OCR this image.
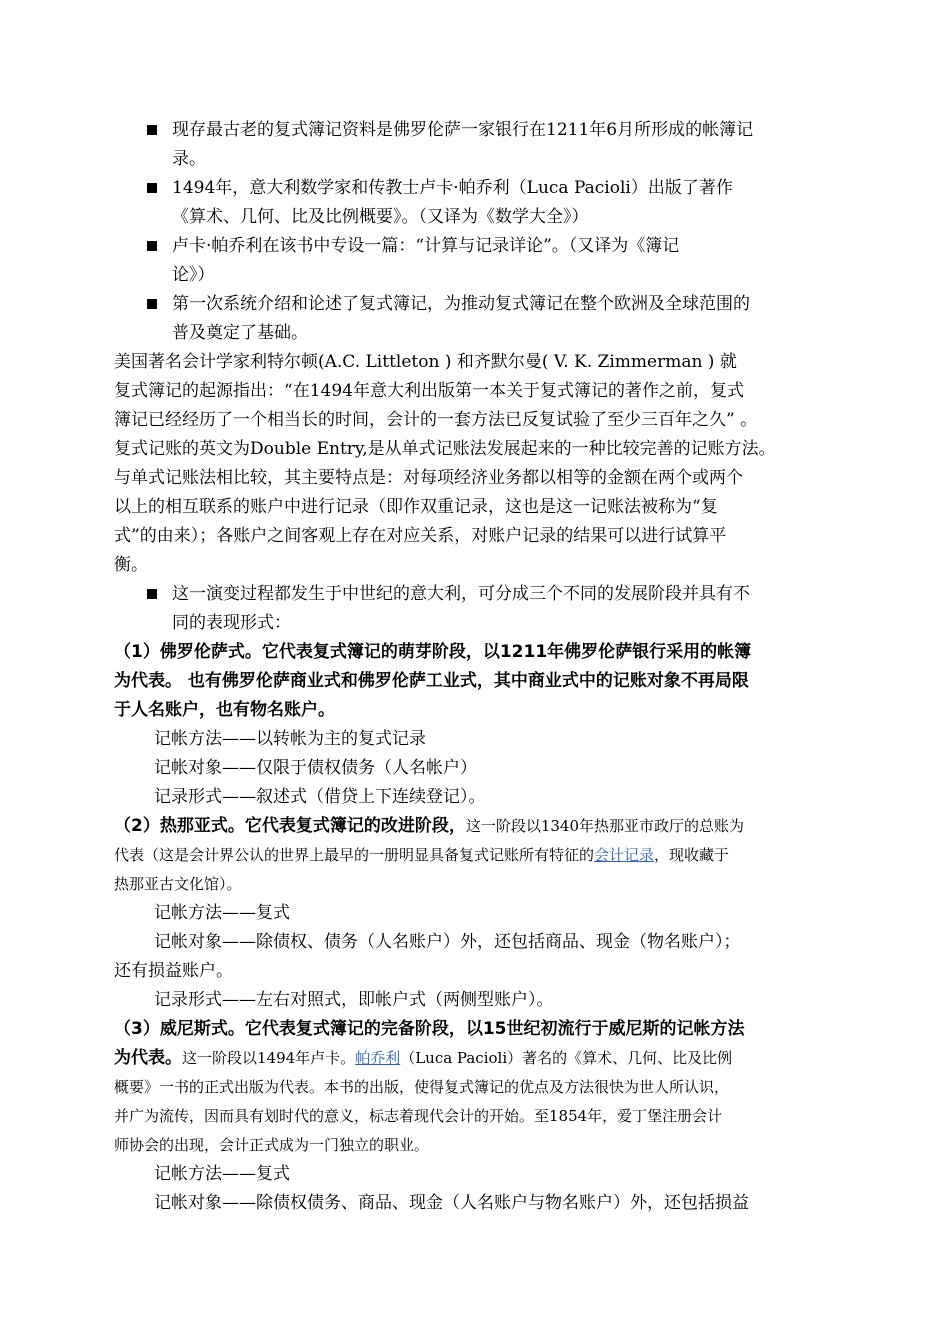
现存最古老的复式簿记资料是佛罗伦萨一家银行在1211年6月所形成的帐簿记
录。
1494年，意大利数学家和传教士卢卡·帕乔利（Luca Pacioli）出版了著作
《算术、几何、比及比例概要》。（又译为《数学大全》）
卢卡·帕乔利在该书中专设一篇：“计算与记录详论”。（又译为《簿记
论》）
第一次系统介绍和论述了复式簿记，为推动复式簿记在整个欧洲及全球范围的
普及奠定了基础。
美国著名会计学家利特尔顿(A.C. Littleton ) 和齐默尔曼( V. K. Zimmerman ) 就
复式簿记的起源指出：“在1494年意大利出版第一本关于复式簿记的著作之前，复式
簿记已经经历了一个相当长的时间，会计的一套方法已反复试验了至少三百年之久” 。
复式记账的英文为Double Entry,是从单式记账法发展起来的一种比较完善的记账方法。
与单式记账法相比较，其主要特点是：对每项经济业务都以相等的金额在两个或两个
以上的相互联系的账户中进行记录（即作双重记录，这也是这一记账法被称为“复
式”的由来）；各账户之间客观上存在对应关系，对账户记录的结果可以进行试算平
衡。
这一演变过程都发生于中世纪的意大利，可分成三个不同的发展阶段并具有不
同的表现形式：
（1）佛罗伦萨式。它代表复式簿记的萌芽阶段，以1211年佛罗伦萨银行采用的帐簿
为代表。 也有佛罗伦萨商业式和佛罗伦萨工业式，其中商业式中的记账对象不再局限
于人名账户，也有物名账户。
记帐方法——以转帐为主的复式记录
记帐对象——仅限于债权债务（人名帐户）
记录形式——叙述式（借贷上下连续登记）。
（2）热那亚式。它代表复式簿记的改进阶段，这一阶段以1340年热那亚市政厅的总账为
代表（这是会计界公认的世界上最早的一册明显具备复式记账所有特征的会计记录，现收藏于
热那亚古文化馆）。
记帐方法——复式
记帐对象——除债权、债务（人名账户）外，还包括商品、现金（物名账户）；
还有损益账户。
记录形式——左右对照式，即帐户式（两侧型账户）。
（3）威尼斯式。它代表复式簿记的完备阶段，以15世纪初流行于威尼斯的记帐方法
为代表。这一阶段以1494年卢卡。帕乔利（Luca Pacioli）著名的《算术、几何、比及比例
概要》一书的正式出版为代表。本书的出版，使得复式簿记的优点及方法很快为世人所认识，
并广为流传，因而具有划时代的意义，标志着现代会计的开始。至1854年，爱丁堡注册会计
师协会的出现，会计正式成为一门独立的职业。
记帐方法——复式
记帐对象——除债权债务、商品、现金（人名账户与物名账户）外，还包括损益
